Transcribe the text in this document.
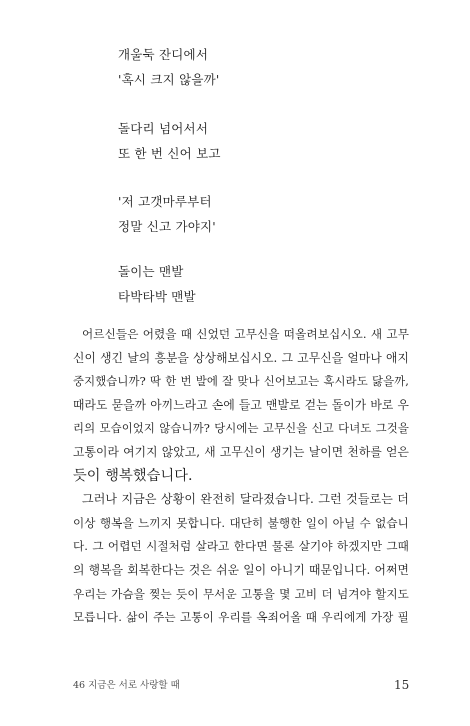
개울둑 잔디에서
'혹시 크지 않을까'
돌다리 넘어서서
또 한 번 신어 보고
'저 고갯마루부터
정말 신고 가야지'
돌이는 맨발
타박타박 맨발
어르신들은 어렸을 때 신었던 고무신을 떠올려보십시오. 새 고무
신이 생긴 날의 흥분을 상상해보십시오. 그 고무신을 얼마나 애지
중지했습니까? 딱 한 번 발에 잘 맞나 신어보고는 혹시라도 닳을까,
때라도 묻을까 아끼느라고 손에 들고 맨발로 걷는 돌이가 바로 우
리의 모습이었지 않습니까? 당시에는 고무신을 신고 다녀도 그것을
고통이라 여기지 않았고, 새 고무신이 생기는 날이면 천하를 얻은
듯이 행복했습니다.
그러나 지금은 상황이 완전히 달라졌습니다. 그런 것들로는 더
이상 행복을 느끼지 못합니다. 대단히 불행한 일이 아닐 수 없습니
다. 그 어렵던 시절처럼 살라고 한다면 물론 살기야 하겠지만 그때
의 행복을 회복한다는 것은 쉬운 일이 아니기 때문입니다. 어쩌면
우리는 가슴을 찢는 듯이 무서운 고통을 몇 고비 더 넘겨야 할지도
모릅니다. 삶이 주는 고통이 우리를 옥죄어올 때 우리에게 가장 필
46 지금은 서로 사랑할 때	15
